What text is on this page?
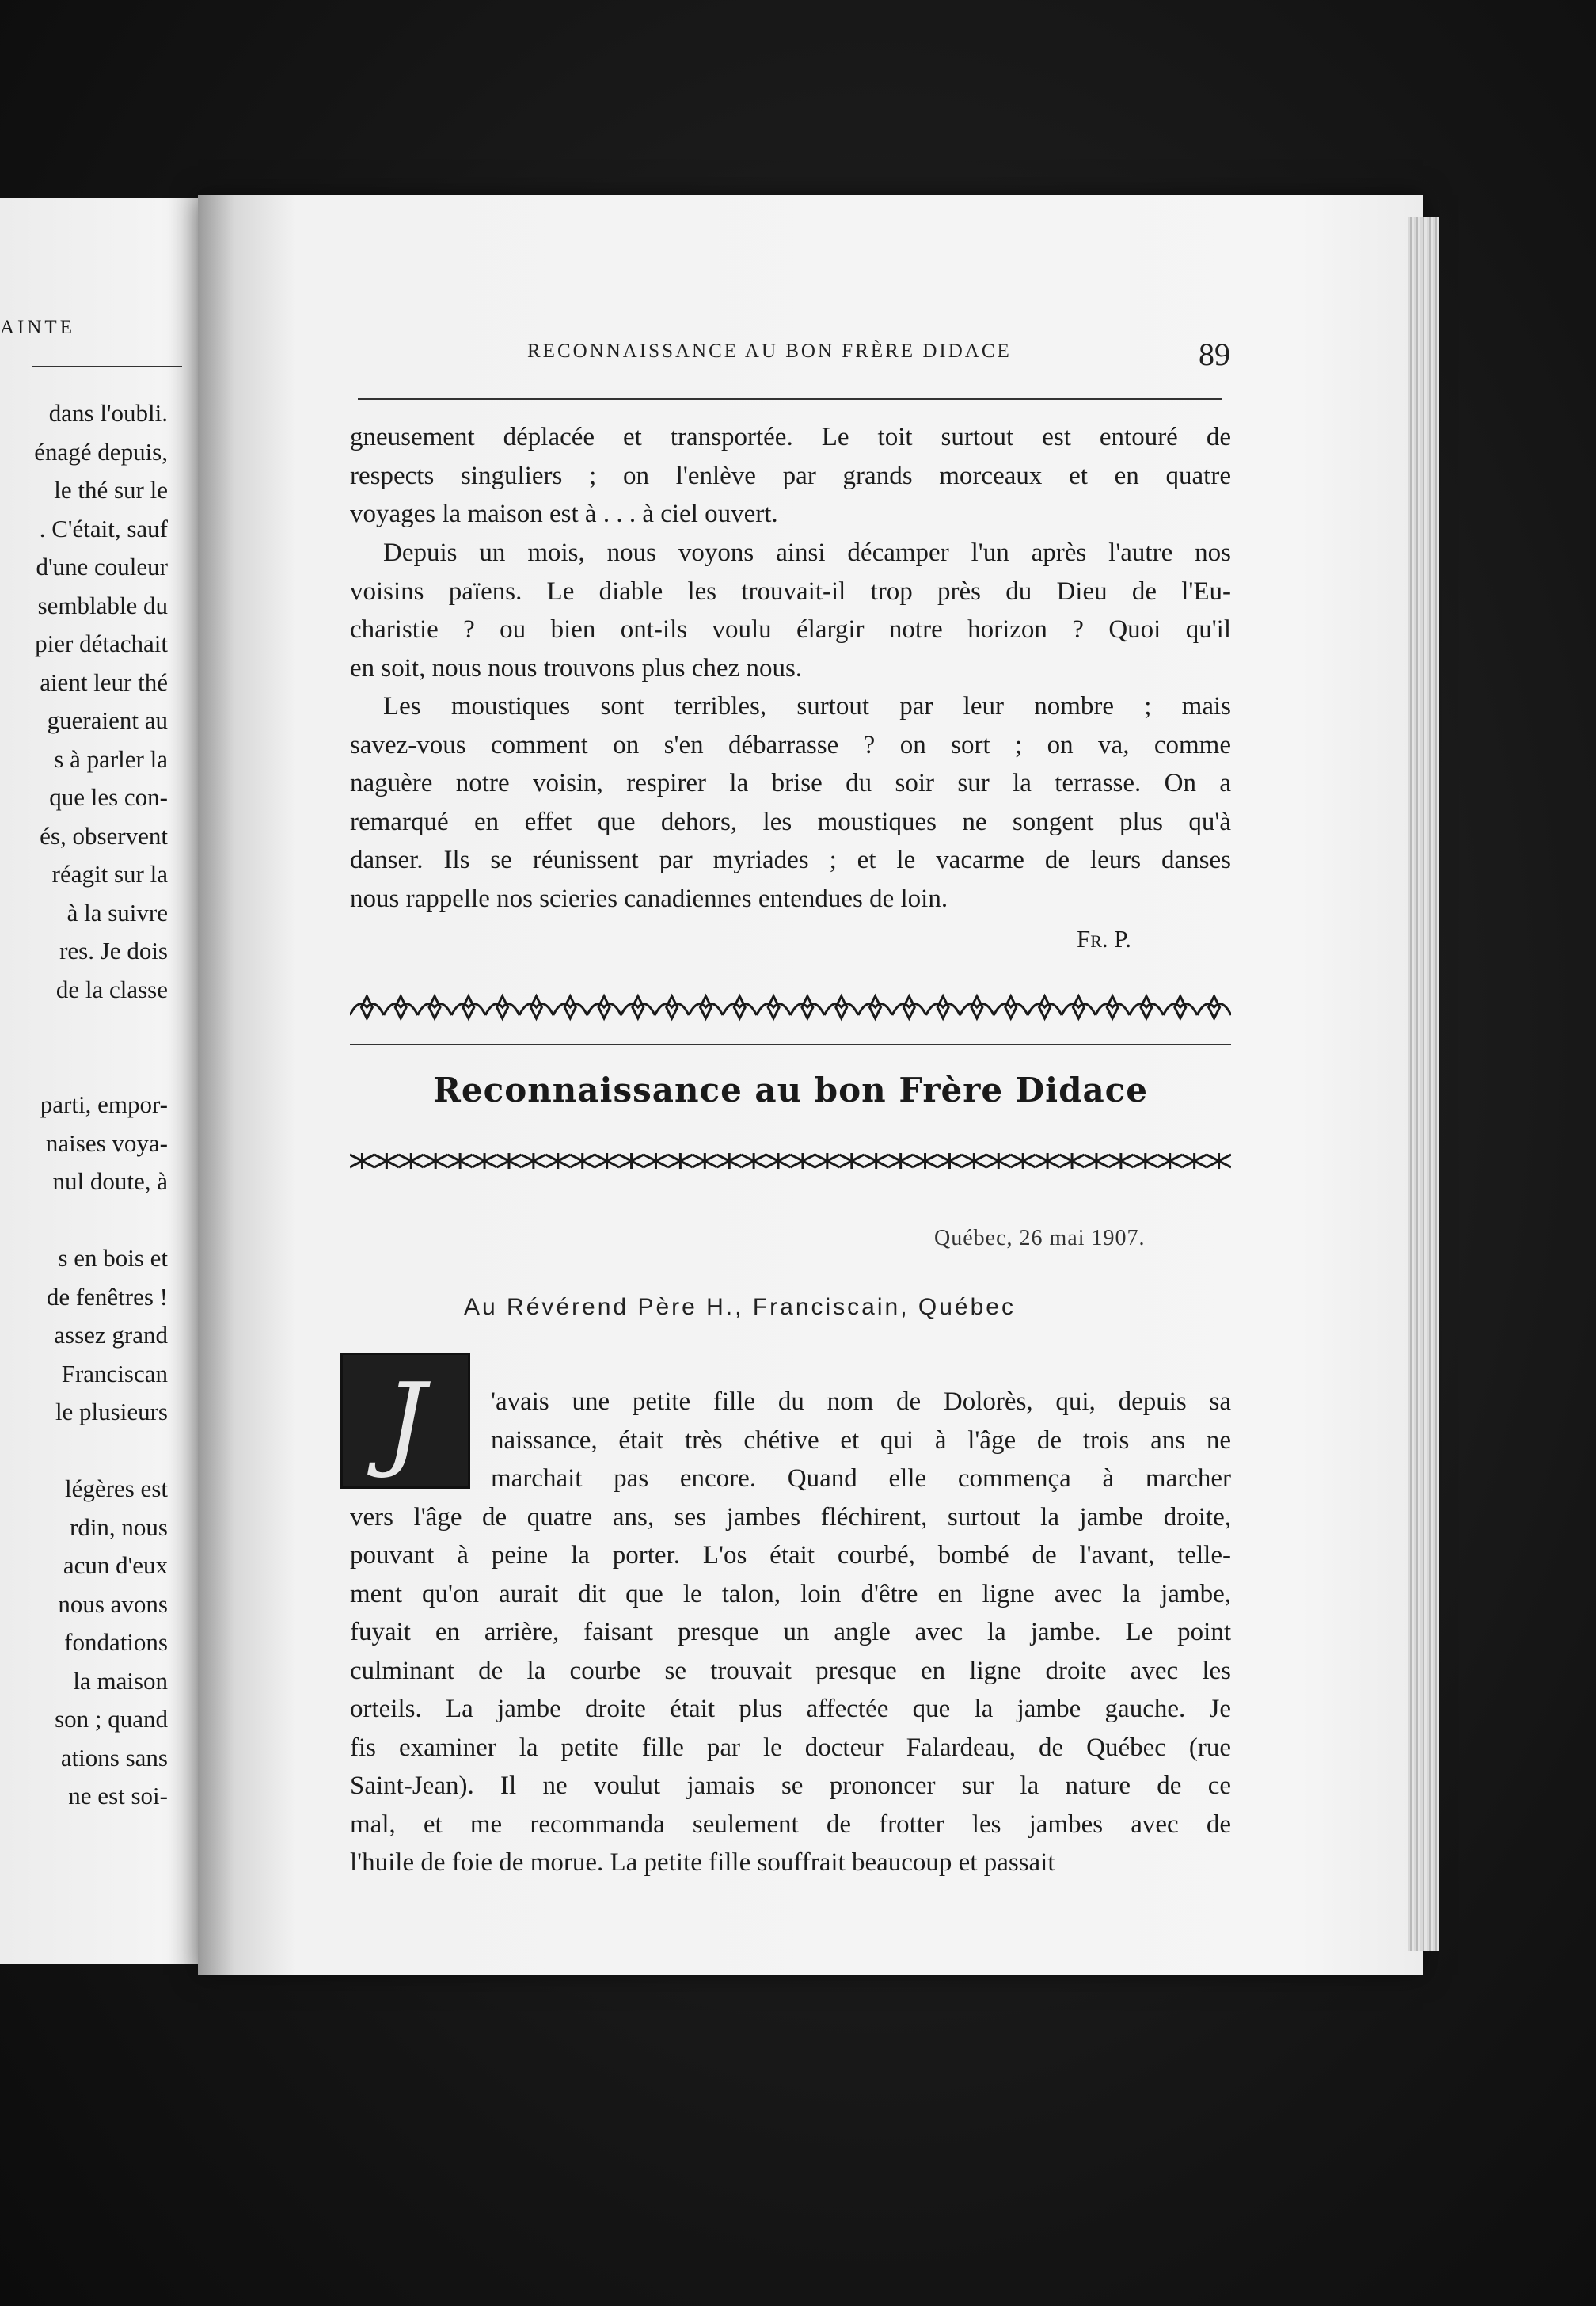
AINTE
dans l'oubli.
énagé depuis,
le thé sur le
. C'était, sauf
d'une couleur
semblable du
pier détachait
aient leur thé
gueraient au
s à parler la
que les con-
és, observent
réagit sur la
à la suivre
res. Je dois
de la classe
parti, empor-
naises voya-
nul doute, à
s en bois et
de fenêtres !
assez grand
Franciscan
le plusieurs
légères est
rdin, nous
acun d'eux
nous avons
fondations
la maison
son ; quand
ations sans
ne est soi-
RECONNAISSANCE AU BON FRÈRE DIDACE	89
gneusement déplacée et transportée. Le toit surtout est entouré de
respects singuliers ; on l'enlève par grands morceaux et en quatre
voyages la maison est à . . . à ciel ouvert.
Depuis un mois, nous voyons ainsi décamper l'un après l'autre nos
voisins païens. Le diable les trouvait-il trop près du Dieu de l'Eu-
charistie ? ou bien ont-ils voulu élargir notre horizon ? Quoi qu'il
en soit, nous nous trouvons plus chez nous.
Les moustiques sont terribles, surtout par leur nombre ; mais
savez-vous comment on s'en débarrasse ? on sort ; on va, comme
naguère notre voisin, respirer la brise du soir sur la terrasse. On a
remarqué en effet que dehors, les moustiques ne songent plus qu'à
danser. Ils se réunissent par myriades ; et le vacarme de leurs danses
nous rappelle nos scieries canadiennes entendues de loin.
Fr. P.
Reconnaissance au bon Frère Didace
Québec, 26 mai 1907.
Au Révérend Père H., Franciscain, Québec
J	'avais une petite fille du nom de Dolorès, qui, depuis sa
naissance, était très chétive et qui à l'âge de trois ans ne
marchait pas encore. Quand elle commença à marcher
vers l'âge de quatre ans, ses jambes fléchirent, surtout la jambe droite,
pouvant à peine la porter. L'os était courbé, bombé de l'avant, telle-
ment qu'on aurait dit que le talon, loin d'être en ligne avec la jambe,
fuyait en arrière, faisant presque un angle avec la jambe. Le point
culminant de la courbe se trouvait presque en ligne droite avec les
orteils. La jambe droite était plus affectée que la jambe gauche. Je
fis examiner la petite fille par le docteur Falardeau, de Québec (rue
Saint-Jean). Il ne voulut jamais se prononcer sur la nature de ce
mal, et me recommanda seulement de frotter les jambes avec de
l'huile de foie de morue. La petite fille souffrait beaucoup et passait
